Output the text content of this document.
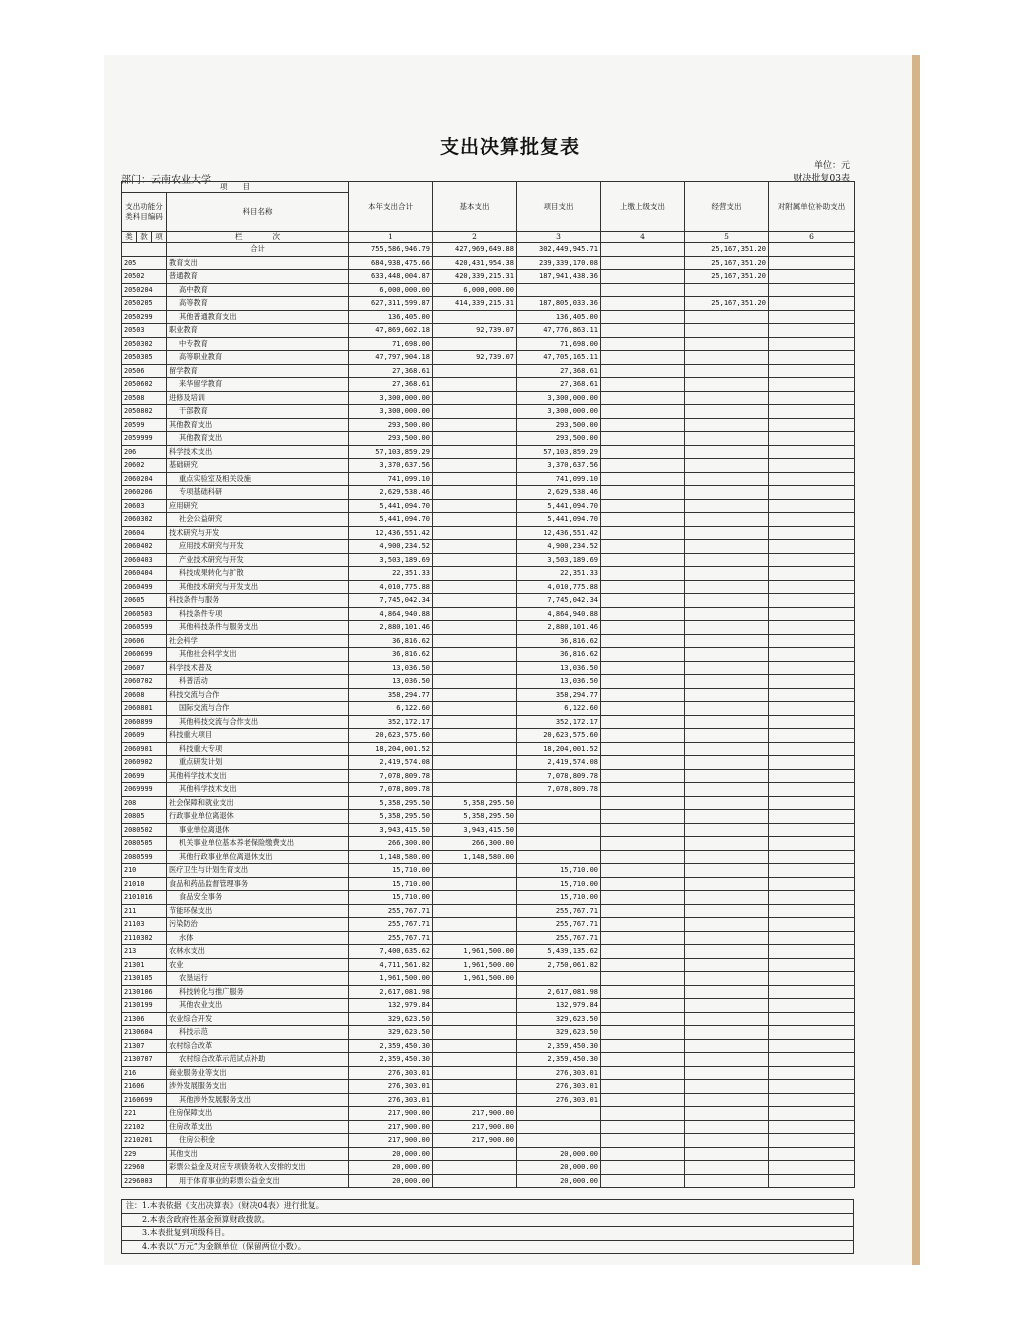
支出决算批复表
单位：元
部门：云南农业大学	财决批复03表
项　　目				本年支出合计	基本支出	项目支出	上缴上级支出	经营支出	对附属单位补助支出
支出功能分类科目编码			科目名称						
类	款	项							
			栏　　　　次	1	2	3	4	5	6
			合计	755,586,946.79	427,969,649.88	302,449,945.71		25,167,351.20	
205			教育支出	684,938,475.66	420,431,954.38	239,339,170.08		25,167,351.20	
20502			普通教育	633,448,004.87	420,339,215.31	187,941,438.36		25,167,351.20	
2050204			高中教育	6,000,000.00	6,000,000.00				
2050205			高等教育	627,311,599.87	414,339,215.31	187,805,033.36		25,167,351.20	
2050299			其他普通教育支出	136,405.00		136,405.00			
20503			职业教育	47,869,602.18	92,739.07	47,776,863.11			
2050302			中专教育	71,698.00		71,698.00			
2050305			高等职业教育	47,797,904.18	92,739.07	47,705,165.11			
20506			留学教育	27,368.61		27,368.61			
2050602			来华留学教育	27,368.61		27,368.61			
20508			进修及培训	3,300,000.00		3,300,000.00			
2050802			干部教育	3,300,000.00		3,300,000.00			
20599			其他教育支出	293,500.00		293,500.00			
2059999			其他教育支出	293,500.00		293,500.00			
206			科学技术支出	57,103,859.29		57,103,859.29			
20602			基础研究	3,370,637.56		3,370,637.56			
2060204			重点实验室及相关设施	741,099.10		741,099.10			
2060206			专项基础科研	2,629,538.46		2,629,538.46			
20603			应用研究	5,441,094.70		5,441,094.70			
2060302			社会公益研究	5,441,094.70		5,441,094.70			
20604			技术研究与开发	12,436,551.42		12,436,551.42			
2060402			应用技术研究与开发	4,900,234.52		4,900,234.52			
2060403			产业技术研究与开发	3,503,189.69		3,503,189.69			
2060404			科技成果转化与扩散	22,351.33		22,351.33			
2060499			其他技术研究与开发支出	4,010,775.88		4,010,775.88			
20605			科技条件与服务	7,745,042.34		7,745,042.34			
2060503			科技条件专项	4,864,940.88		4,864,940.88			
2060599			其他科技条件与服务支出	2,880,101.46		2,880,101.46			
20606			社会科学	36,816.62		36,816.62			
2060699			其他社会科学支出	36,816.62		36,816.62			
20607			科学技术普及	13,036.50		13,036.50			
2060702			科普活动	13,036.50		13,036.50			
20608			科技交流与合作	358,294.77		358,294.77			
2060801			国际交流与合作	6,122.60		6,122.60			
2060899			其他科技交流与合作支出	352,172.17		352,172.17			
20609			科技重大项目	20,623,575.60		20,623,575.60			
2060901			科技重大专项	18,204,001.52		18,204,001.52			
2060902			重点研发计划	2,419,574.08		2,419,574.08			
20699			其他科学技术支出	7,078,809.78		7,078,809.78			
2069999			其他科学技术支出	7,078,809.78		7,078,809.78			
208			社会保障和就业支出	5,358,295.50	5,358,295.50				
20805			行政事业单位离退休	5,358,295.50	5,358,295.50				
2080502			事业单位离退休	3,943,415.50	3,943,415.50				
2080505			机关事业单位基本养老保险缴费支出	266,300.00	266,300.00				
2080599			其他行政事业单位离退休支出	1,148,580.00	1,148,580.00				
210			医疗卫生与计划生育支出	15,710.00		15,710.00			
21010			食品和药品监督管理事务	15,710.00		15,710.00			
2101016			食品安全事务	15,710.00		15,710.00			
211			节能环保支出	255,767.71		255,767.71			
21103			污染防治	255,767.71		255,767.71			
2110302			水体	255,767.71		255,767.71			
213			农林水支出	7,400,635.62	1,961,500.00	5,439,135.62			
21301			农业	4,711,561.82	1,961,500.00	2,750,061.82			
2130105			农垦运行	1,961,500.00	1,961,500.00				
2130106			科技转化与推广服务	2,617,081.98		2,617,081.98			
2130199			其他农业支出	132,979.84		132,979.84			
21306			农业综合开发	329,623.50		329,623.50			
2130604			科技示范	329,623.50		329,623.50			
21307			农村综合改革	2,359,450.30		2,359,450.30			
2130707			农村综合改革示范试点补助	2,359,450.30		2,359,450.30			
216			商业服务业等支出	276,303.01		276,303.01			
21606			涉外发展服务支出	276,303.01		276,303.01			
2160699			其他涉外发展服务支出	276,303.01		276,303.01			
221			住房保障支出	217,900.00	217,900.00				
22102			住房改革支出	217,900.00	217,900.00				
2210201			住房公积金	217,900.00	217,900.00				
229			其他支出	20,000.00		20,000.00			
22960			彩票公益金及对应专项债务收入安排的支出	20,000.00		20,000.00			
2296003			用于体育事业的彩票公益金支出	20,000.00		20,000.00			
注：1.本表依据《支出决算表》（财决04表）进行批复。
2.本表含政府性基金预算财政拨款。
3.本表批复到项级科目。
4.本表以“万元”为金额单位（保留两位小数）。
